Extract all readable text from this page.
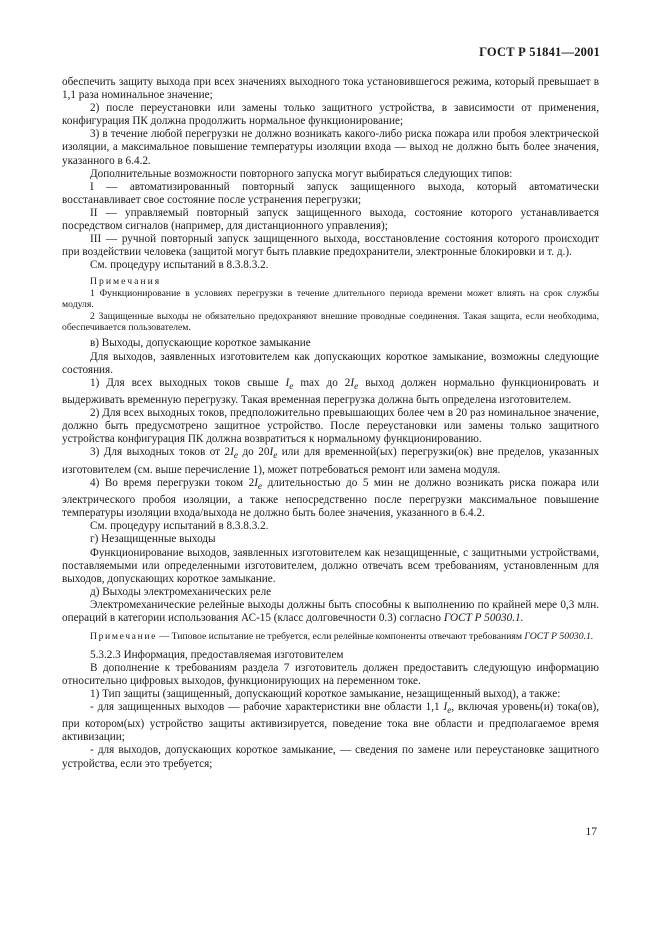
ГОСТ Р 51841—2001

обеспечить защиту выхода при всех значениях выходного тока установившегося режима, который превышает в 1,1 раза номинальное значение;

2) после переустановки или замены только защитного устройства, в зависимости от применения, конфигурация ПК должна продолжить нормальное функционирование;

3) в течение любой перегрузки не должно возникать какого-либо риска пожара или пробоя электрической изоляции, а максимальное повышение температуры изоляции входа — выход не должно быть более значения, указанного в 6.4.2.

Дополнительные возможности повторного запуска могут выбираться следующих типов:

I — автоматизированный повторный запуск защищенного выхода, который автоматически восстанавливает свое состояние после устранения перегрузки;

II — управляемый повторный запуск защищенного выхода, состояние которого устанавливается посредством сигналов (например, для дистанционного управления);

III — ручной повторный запуск защищенного выхода, восстановление состояния которого происходит при воздействии человека (защитой могут быть плавкие предохранители, электронные блокировки и т. д.).

См. процедуру испытаний в 8.3.8.3.2.

Примечания

1 Функционирование в условиях перегрузки в течение длительного периода времени может влиять на срок службы модуля.

2 Защищенные выходы не обязательно предохраняют внешние проводные соединения. Такая защита, если необходима, обеспечивается пользователем.

в) Выходы, допускающие короткое замыкание

Для выходов, заявленных изготовителем как допускающих короткое замыкание, возможны следующие состояния.

1) Для всех выходных токов свыше $I_e$ max до $2I_e$ выход должен нормально функционировать и выдерживать временную перегрузку. Такая временная перегрузка должна быть определена изготовителем.

2) Для всех выходных токов, предположительно превышающих более чем в 20 раз номинальное значение, должно быть предусмотрено защитное устройство. После переустановки или замены только защитного устройства конфигурация ПК должна возвратиться к нормальному функционированию.

3) Для выходных токов от $2I_e$ до $20I_e$ или для временной(ых) перегрузки(ок) вне пределов, указанных изготовителем (см. выше перечисление 1), может потребоваться ремонт или замена модуля.

4) Во время перегрузки током $2I_e$ длительностью до 5 мин не должно возникать риска пожара или электрического пробоя изоляции, а также непосредственно после перегрузки максимальное повышение температуры изоляции входа/выхода не должно быть более значения, указанного в 6.4.2.

См. процедуру испытаний в 8.3.8.3.2.

г) Незащищенные выходы

Функционирование выходов, заявленных изготовителем как незащищенные, с защитными устройствами, поставляемыми или определенными изготовителем, должно отвечать всем требованиям, установленным для выходов, допускающих короткое замыкание.

д) Выходы электромеханических реле

Электромеханические релейные выходы должны быть способны к выполнению по крайней мере 0,3 млн. операций в категории использования АС-15 (класс долговечности 0.3) согласно ГОСТ Р 50030.1.

Примечание — Типовое испытание не требуется, если релейные компоненты отвечают требованиям ГОСТ Р 50030.1.

5.3.2.3 Информация, предоставляемая изготовителем

В дополнение к требованиям раздела 7 изготовитель должен предоставить следующую информацию относительно цифровых выходов, функционирующих на переменном токе.

1) Тип защиты (защищенный, допускающий короткое замыкание, незащищенный выход), а также:

- для защищенных выходов — рабочие характеристики вне области 1,1 $I_e$, включая уровень(и) тока(ов), при котором(ых) устройство защиты активизируется, поведение тока вне области и предполагаемое время активизации;

- для выходов, допускающих короткое замыкание, — сведения по замене или переустановке защитного устройства, если это требуется;

17
